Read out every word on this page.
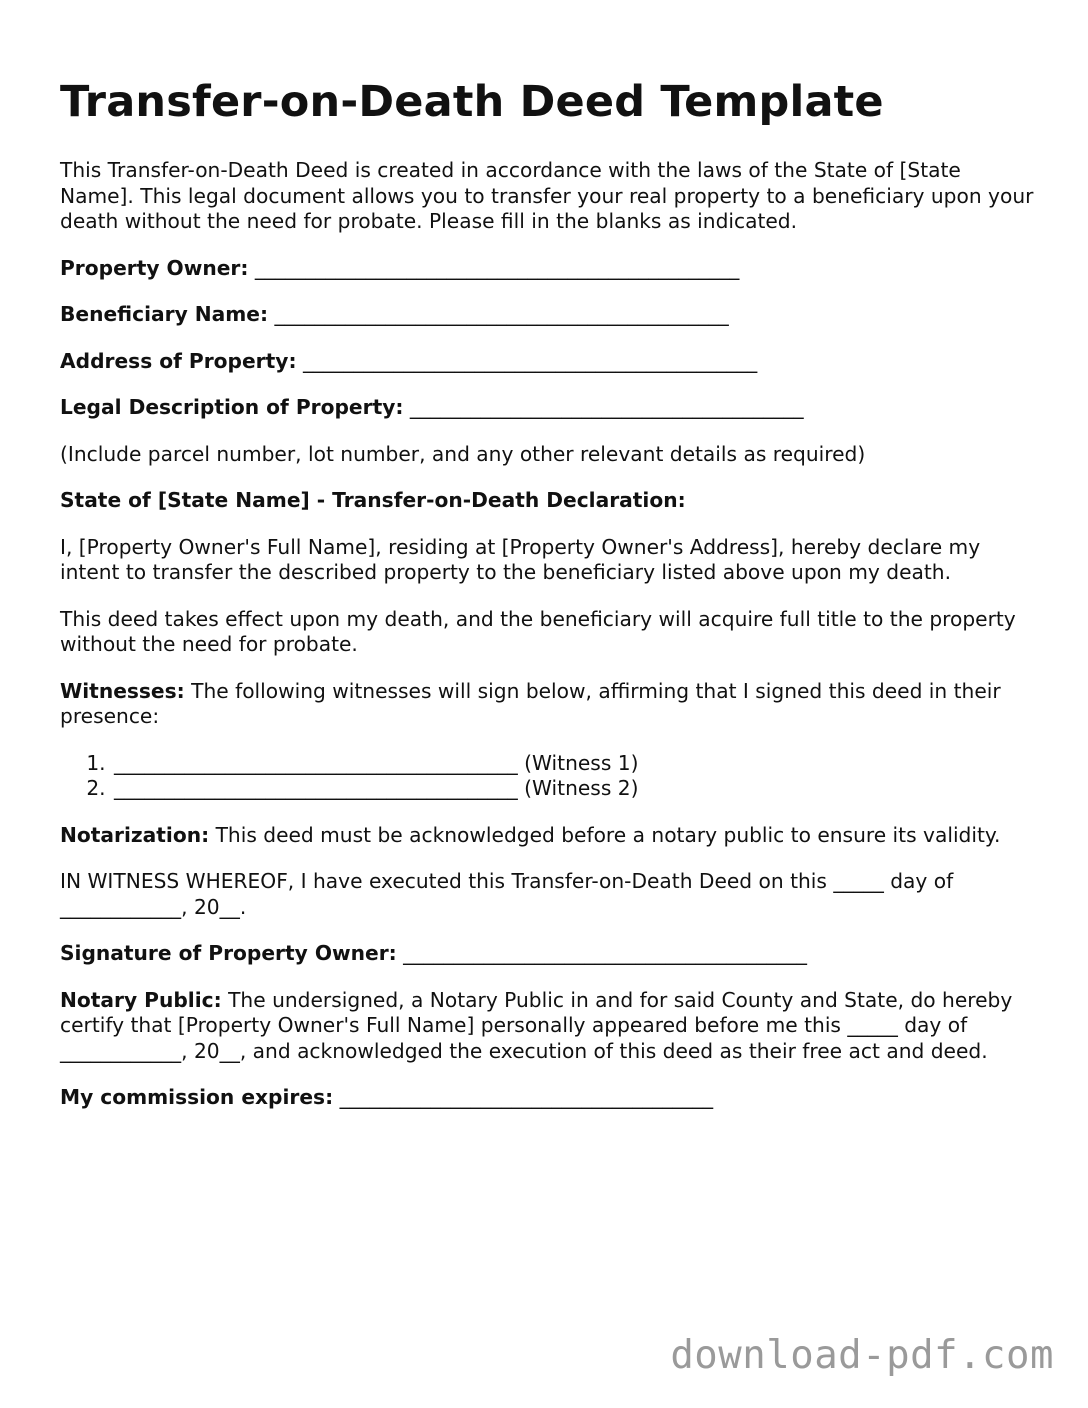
Transfer-on-Death Deed Template

This Transfer-on-Death Deed is created in accordance with the laws of the State of [State Name]. This legal document allows you to transfer your real property to a beneficiary upon your death without the need for probate. Please fill in the blanks as indicated.

Property Owner: ________________________________________________

Beneficiary Name: _____________________________________________

Address of Property: _____________________________________________

Legal Description of Property: _______________________________________

(Include parcel number, lot number, and any other relevant details as required)

State of [State Name] - Transfer-on-Death Declaration:

I, [Property Owner's Full Name], residing at [Property Owner's Address], hereby declare my intent to transfer the described property to the beneficiary listed above upon my death.

This deed takes effect upon my death, and the beneficiary will acquire full title to the property without the need for probate.

Witnesses: The following witnesses will sign below, affirming that I signed this deed in their presence:

1. ________________________________________ (Witness 1)
2. ________________________________________ (Witness 2)

Notarization: This deed must be acknowledged before a notary public to ensure its validity.

IN WITNESS WHEREOF, I have executed this Transfer-on-Death Deed on this _____ day of ____________, 20__.

Signature of Property Owner: ________________________________________

Notary Public: The undersigned, a Notary Public in and for said County and State, do hereby certify that [Property Owner's Full Name] personally appeared before me this _____ day of ____________, 20__, and acknowledged the execution of this deed as their free act and deed.

My commission expires: _____________________________________

download-pdf.com
